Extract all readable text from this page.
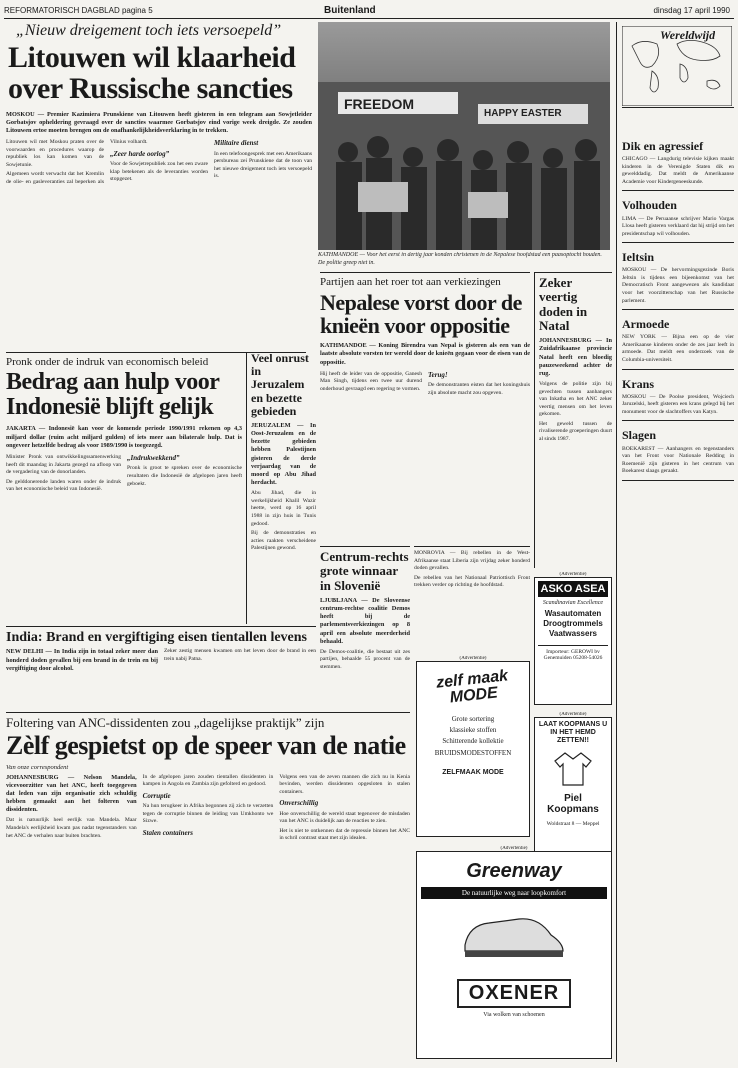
REFORMATORISCH DAGBLAD pagina 5	Buitenland	dinsdag 17 april 1990
„Nieuw dreigement toch iets versoepeld”
Litouwen wil klaarheid over Russische sancties
MOSKOU — Premier Kazimiera Prunskiene van Litouwen heeft gisteren in een telegram aan Sowjetleider Gorbatsjov opheldering gevraagd over de sancties waarmee Gorbatsjov eind vorige week dreigde. Ze zouden Litouwen ertoe moeten brengen om de onafhankelijkheidsverklaring in te trekken.

Litouwen wil met Moskou praten over de voorwaarden en procedures waarop de republiek los kan komen van de Sowjetunie.

Algemeen wordt verwacht dat het Kremlin de olie- en gasleveranties zal beperken als Vilnius volhardt.

„Zeer harde oorlog”

Voor de Sowjetrepubliek zou het een zware klap betekenen als de leveranties worden stopgezet.

Militaire dienst

In een telefoongesprek met een Amerikaans persbureau zei Prunskiene dat de toon van het nieuwe dreigement toch iets versoepeld is.

FREEDOM
HAPPY EASTER
KATHMANDOE — Voor het eerst in dertig jaar konden christenen in de Nepalese hoofdstad een paasoptocht houden. De politie greep niet in.
Wereldwijd
Dik en agressief
CHICAGO — Langdurig televisie kijken maakt kinderen in de Verenigde Staten dik en gewelddadig. Dat meldt de Amerikaanse Academie voor Kindergeneeskunde.
Volhouden
LIMA — De Peruaanse schrijver Mario Vargas Llosa heeft gisteren verklaard dat hij strijd om het presidentschap wil volhouden.
Ieltsin
MOSKOU — De hervormingsgezinde Boris Jeltsin is tijdens een bijeenkomst van het Democratisch Front aangewezen als kandidaat voor het voorzitterschap van het Russische parlement.
Armoede
NEW YORK — Bijna een op de vier Amerikaanse kinderen onder de zes jaar leeft in armoede. Dat meldt een onderzoek van de Columbia-universiteit.
Krans
MOSKOU — De Poolse president, Wojciech Jaruzelski, heeft gisteren een krans gelegd bij het monument voor de slachtoffers van Katyn.
Slagen
BOEKAREST — Aanhangers en tegenstanders van het Front voor Nationale Redding in Roemenië zijn gisteren in het centrum van Boekarest slaags geraakt.
Pronk onder de indruk van economisch beleid
Bedrag aan hulp voor Indonesië blijft gelijk
JAKARTA — Indonesië kan voor de komende periode 1990/1991 rekenen op 4,3 miljard dollar (ruim acht miljard gulden) of iets meer aan bilaterale hulp. Dat is ongeveer hetzelfde bedrag als voor 1989/1990 is toegezegd.

Minister Pronk van ontwikkelingssamenwerking heeft dit maandag in Jakarta gezegd na afloop van de vergadering van de donorlanden.

De gelddonerende landen waren onder de indruk van het economische beleid van Indonesië.

„Indrukwekkend”

Pronk is groot te spreken over de economische resultaten die Indonesië de afgelopen jaren heeft geboekt.

Veel onrust in Jeruzalem en bezette gebieden
JERUZALEM — In Oost-Jeruzalem en de bezette gebieden hebben Palestijnen gisteren de derde verjaardag van de moord op Abu Jihad herdacht.

Abu Jihad, die in werkelijkheid Khalil Wazir heette, werd op 16 april 1988 in zijn huis in Tunis gedood.

Bij de demonstraties en acties raakten verscheidene Palestijnen gewond.

Partijen aan het roer tot aan verkiezingen
Nepalese vorst door de knieën voor oppositie
KATHMANDOE — Koning Birendra van Nepal is gisteren als een van de laatste absolute vorsten ter wereld door de knieën gegaan voor de eisen van de oppositie.

Hij heeft de leider van de oppositie, Ganesh Man Singh, tijdens een twee uur durend onderhoud gevraagd een regering te vormen.

Terug!

De demonstranten eisten dat het koningshuis zijn absolute macht zou opgeven.

Zeker veertig doden in Natal
JOHANNESBURG — In Zuidafrikaanse provincie Natal heeft een bloedig pauzeweekend achter de rug.

Volgens de politie zijn bij gevechten tussen aanhangers van Inkatha en het ANC zeker veertig mensen om het leven gekomen.

Het geweld tussen de rivaliserende groeperingen duurt al sinds 1987.

Centrum-rechts grote winnaar in Slovenië
LJUBLJANA — De Sloveense centrum-rechtse coalitie Demos heeft bij de parlementsverkiezingen op 8 april een absolute meerderheid behaald.

De Demos-coalitie, die bestaat uit zes partijen, behaalde 55 procent van de stemmen.

MONROVIA — Bij rebellen in de West-Afrikaanse staat Liberia zijn vrijdag zeker honderd doden gevallen.

De rebellen van het Nationaal Patriottisch Front trekken verder op richting de hoofdstad.

India: Brand en vergiftiging eisen tientallen levens
NEW DELHI — In India zijn in totaal zeker meer dan honderd doden gevallen bij een brand in de trein en bij vergiftiging door alcohol.

Zeker zestig mensen kwamen om het leven door de brand in een trein nabij Patna.

Foltering van ANC-dissidenten zou „dagelijkse praktijk” zijn
Zèlf gespietst op de speer van de natie
Van onze correspondent
JOHANNESBURG — Nelson Mandela, vicevoorzitter van het ANC, heeft toegegeven dat leden van zijn organisatie zich schuldig hebben gemaakt aan het folteren van dissidenten.

Dat is natuurlijk heel eerlijk van Mandela. Maar Mandela's eerlijkheid kwam pas nadat tegenstanders van het ANC de verhalen naar buiten brachten.

In de afgelopen jaren zouden tientallen dissidenten in kampen in Angola en Zambia zijn gefolterd en gedood.

Corruptie

Na hun terugkeer in Afrika begonnen zij zich te verzetten tegen de corruptie binnen de leiding van Umkhonto we Sizwe.

Stalen containers

Volgens een van de zeven mannen die zich nu in Kenia bevinden, werden dissidenten opgesloten in stalen containers.

Onverschillig

Hoe onverschillig de wereld staat tegenover de misdaden van het ANC is duidelijk aan de reacties te zien.

Het is niet te ontkennen dat de repressie binnen het ANC in schril contrast staat met zijn idealen.

(Advertentie)
zelf maak MODE
Grote sortering
klassieke stoffen
Schitterende kollektie
BRUIDSMODESTOFFEN
ZELFMAAK MODE
(Advertentie)
ASKO ASEA
Scandinavian Excellence
Wasautomaten
Droogtrommels
Vaatwassers
Importeur: GEROWI bv Genemuiden 05208-54026
(Advertentie)
LAAT KOOPMANS U IN HET HEMD ZETTEN!!
Piel Koopmans
Woldstraat 8 — Meppel
(Advertentie)
Greenway
De natuurlijke weg naar loopkomfort
OXENER
Via wolken van schoenen
